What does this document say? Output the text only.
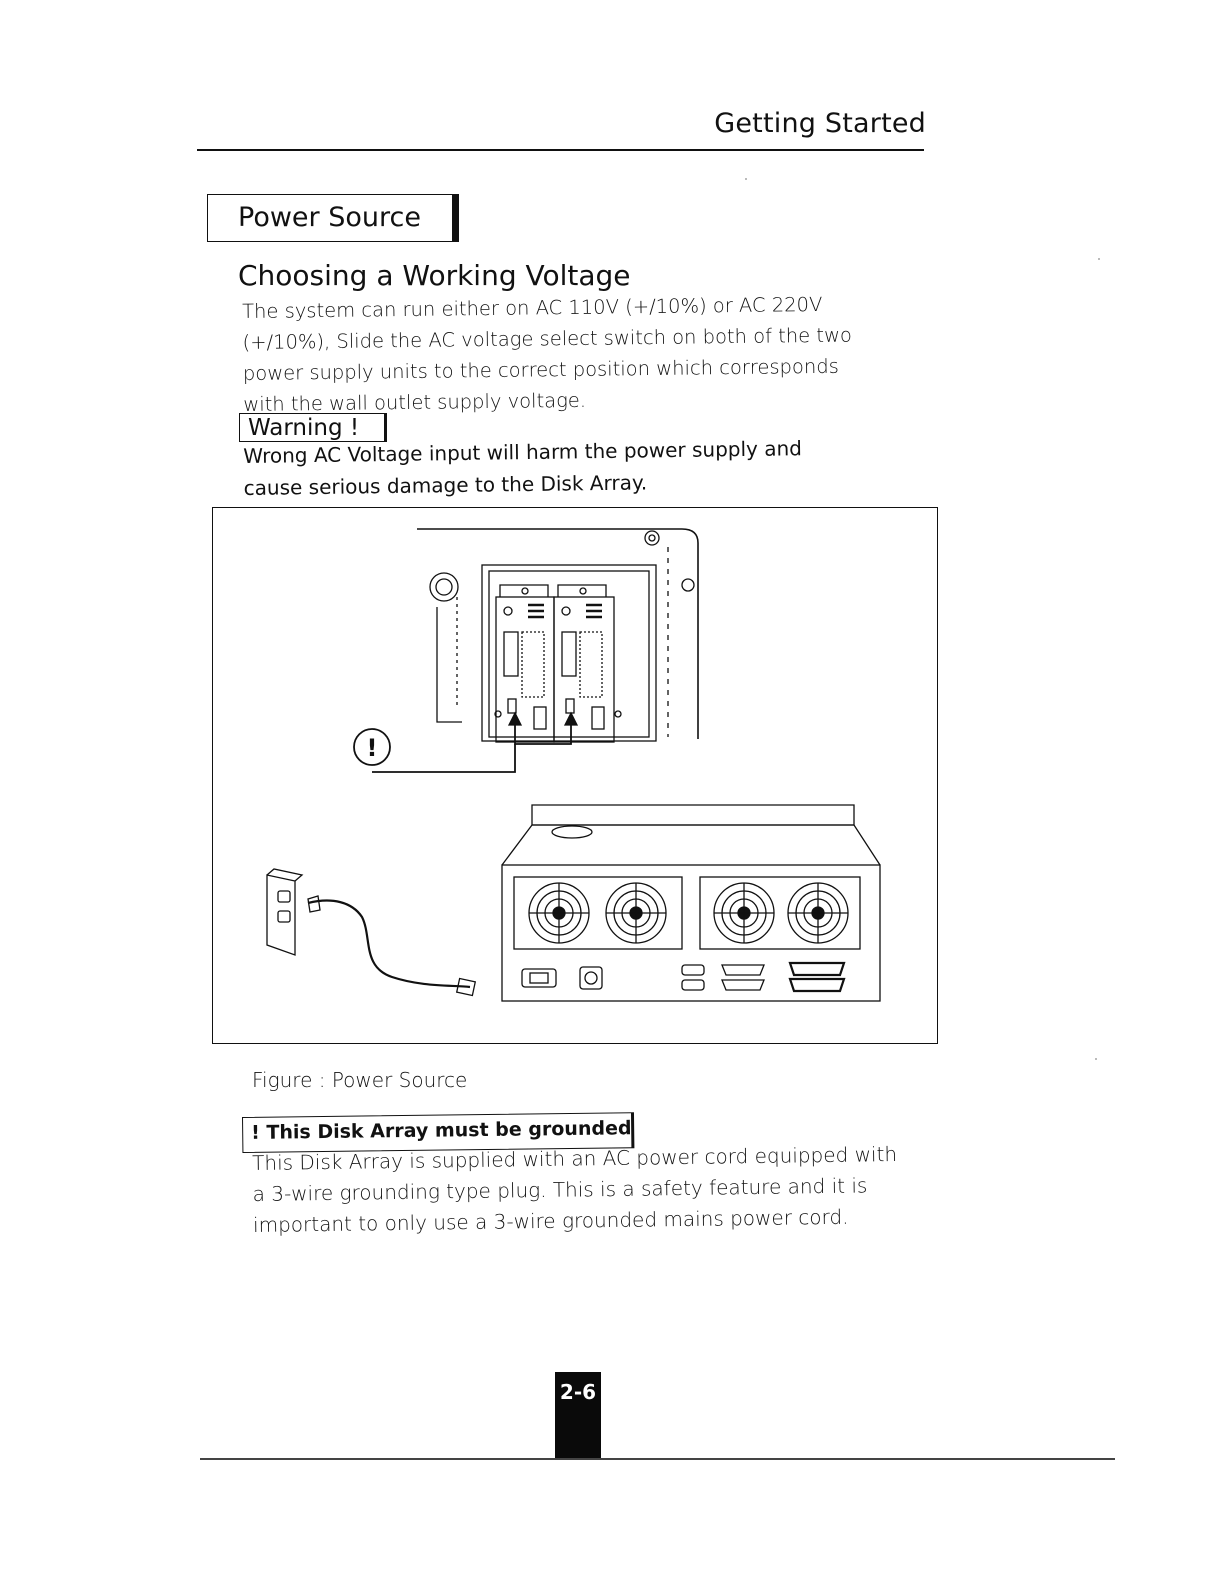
Getting Started
Power Source
Choosing a Working Voltage
The system can run either on AC 110V (+/10%) or AC 220V
(+/10%), Slide the AC voltage select switch on both of the two
power supply units to the correct position which corresponds
with the wall outlet supply voltage.
Warning !
Wrong AC Voltage input will harm the power supply and
cause serious damage to the Disk Array.
!
Figure : Power Source
! This Disk Array must be grounded
This Disk Array is supplied with an AC power cord equipped with
a 3-wire grounding type plug. This is a safety feature and it is
important to only use a 3-wire grounded mains power cord.
2-6
